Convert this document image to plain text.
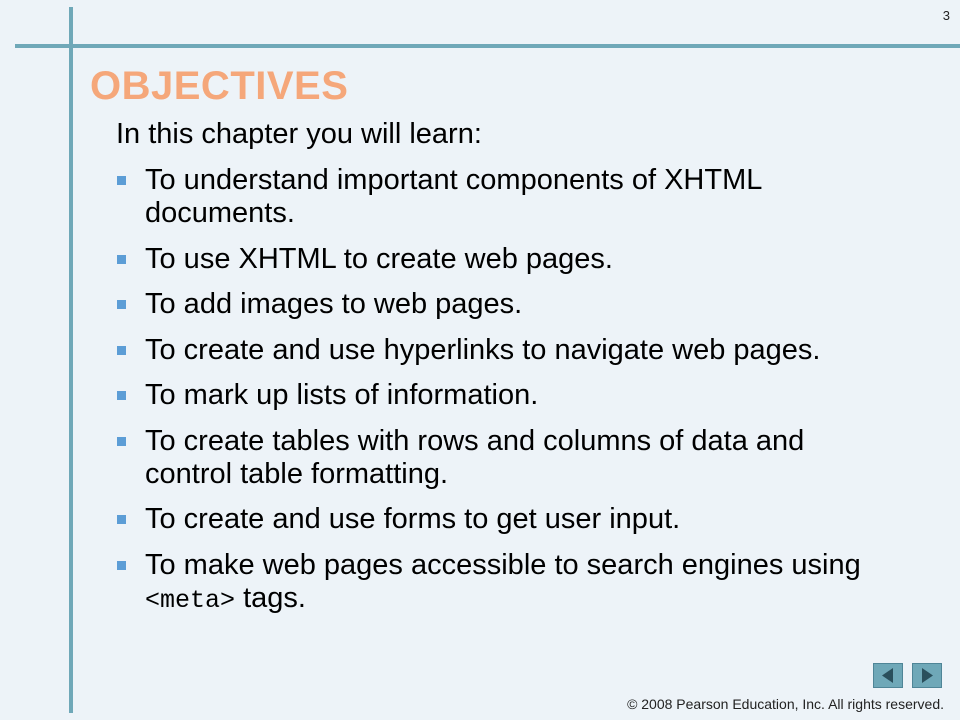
3
OBJECTIVES
In this chapter you will learn:
To understand important components of XHTML documents.
To use XHTML to create web pages.
To add images to web pages.
To create and use hyperlinks to navigate web pages.
To mark up lists of information.
To create tables with rows and columns of data and control table formatting.
To create and use forms to get user input.
To make web pages accessible to search engines using <meta> tags.
© 2008 Pearson Education, Inc. All rights reserved.
